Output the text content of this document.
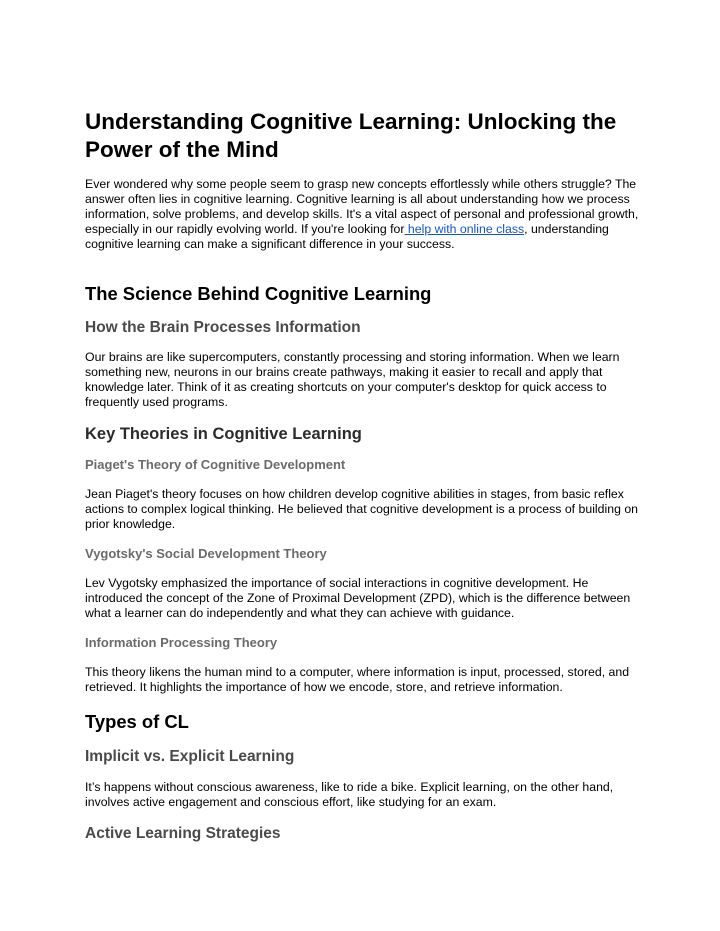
Understanding Cognitive Learning: Unlocking the Power of the Mind

Ever wondered why some people seem to grasp new concepts effortlessly while others struggle? The answer often lies in cognitive learning. Cognitive learning is all about understanding how we process information, solve problems, and develop skills. It's a vital aspect of personal and professional growth, especially in our rapidly evolving world. If you're looking for help with online class, understanding cognitive learning can make a significant difference in your success.

The Science Behind Cognitive Learning
How the Brain Processes Information

Our brains are like supercomputers, constantly processing and storing information. When we learn something new, neurons in our brains create pathways, making it easier to recall and apply that knowledge later. Think of it as creating shortcuts on your computer's desktop for quick access to frequently used programs.

Key Theories in Cognitive Learning
Piaget's Theory of Cognitive Development

Jean Piaget's theory focuses on how children develop cognitive abilities in stages, from basic reflex actions to complex logical thinking. He believed that cognitive development is a process of building on prior knowledge.

Vygotsky's Social Development Theory

Lev Vygotsky emphasized the importance of social interactions in cognitive development. He introduced the concept of the Zone of Proximal Development (ZPD), which is the difference between what a learner can do independently and what they can achieve with guidance.

Information Processing Theory

This theory likens the human mind to a computer, where information is input, processed, stored, and retrieved. It highlights the importance of how we encode, store, and retrieve information.

Types of CL
Implicit vs. Explicit Learning

It’s happens without conscious awareness, like to ride a bike. Explicit learning, on the other hand, involves active engagement and conscious effort, like studying for an exam.

Active Learning Strategies
